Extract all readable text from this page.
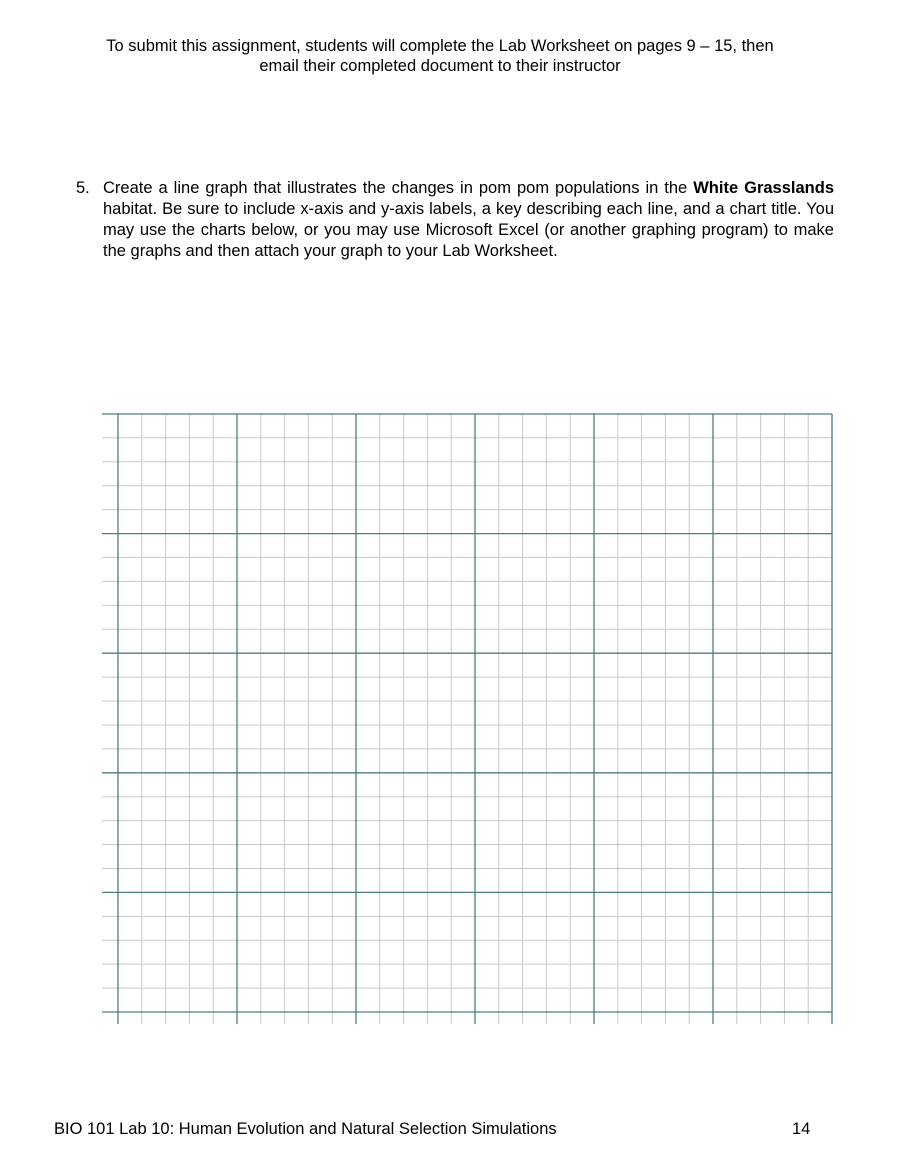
To submit this assignment, students will complete the Lab Worksheet on pages 9 – 15, then
email their completed document to their instructor
5. Create a line graph that illustrates the changes in pom pom populations in the White Grasslands habitat. Be sure to include x-axis and y-axis labels, a key describing each line, and a chart title. You may use the charts below, or you may use Microsoft Excel (or another graphing program) to make the graphs and then attach your graph to your Lab Worksheet.
BIO 101 Lab 10: Human Evolution and Natural Selection Simulations	14
